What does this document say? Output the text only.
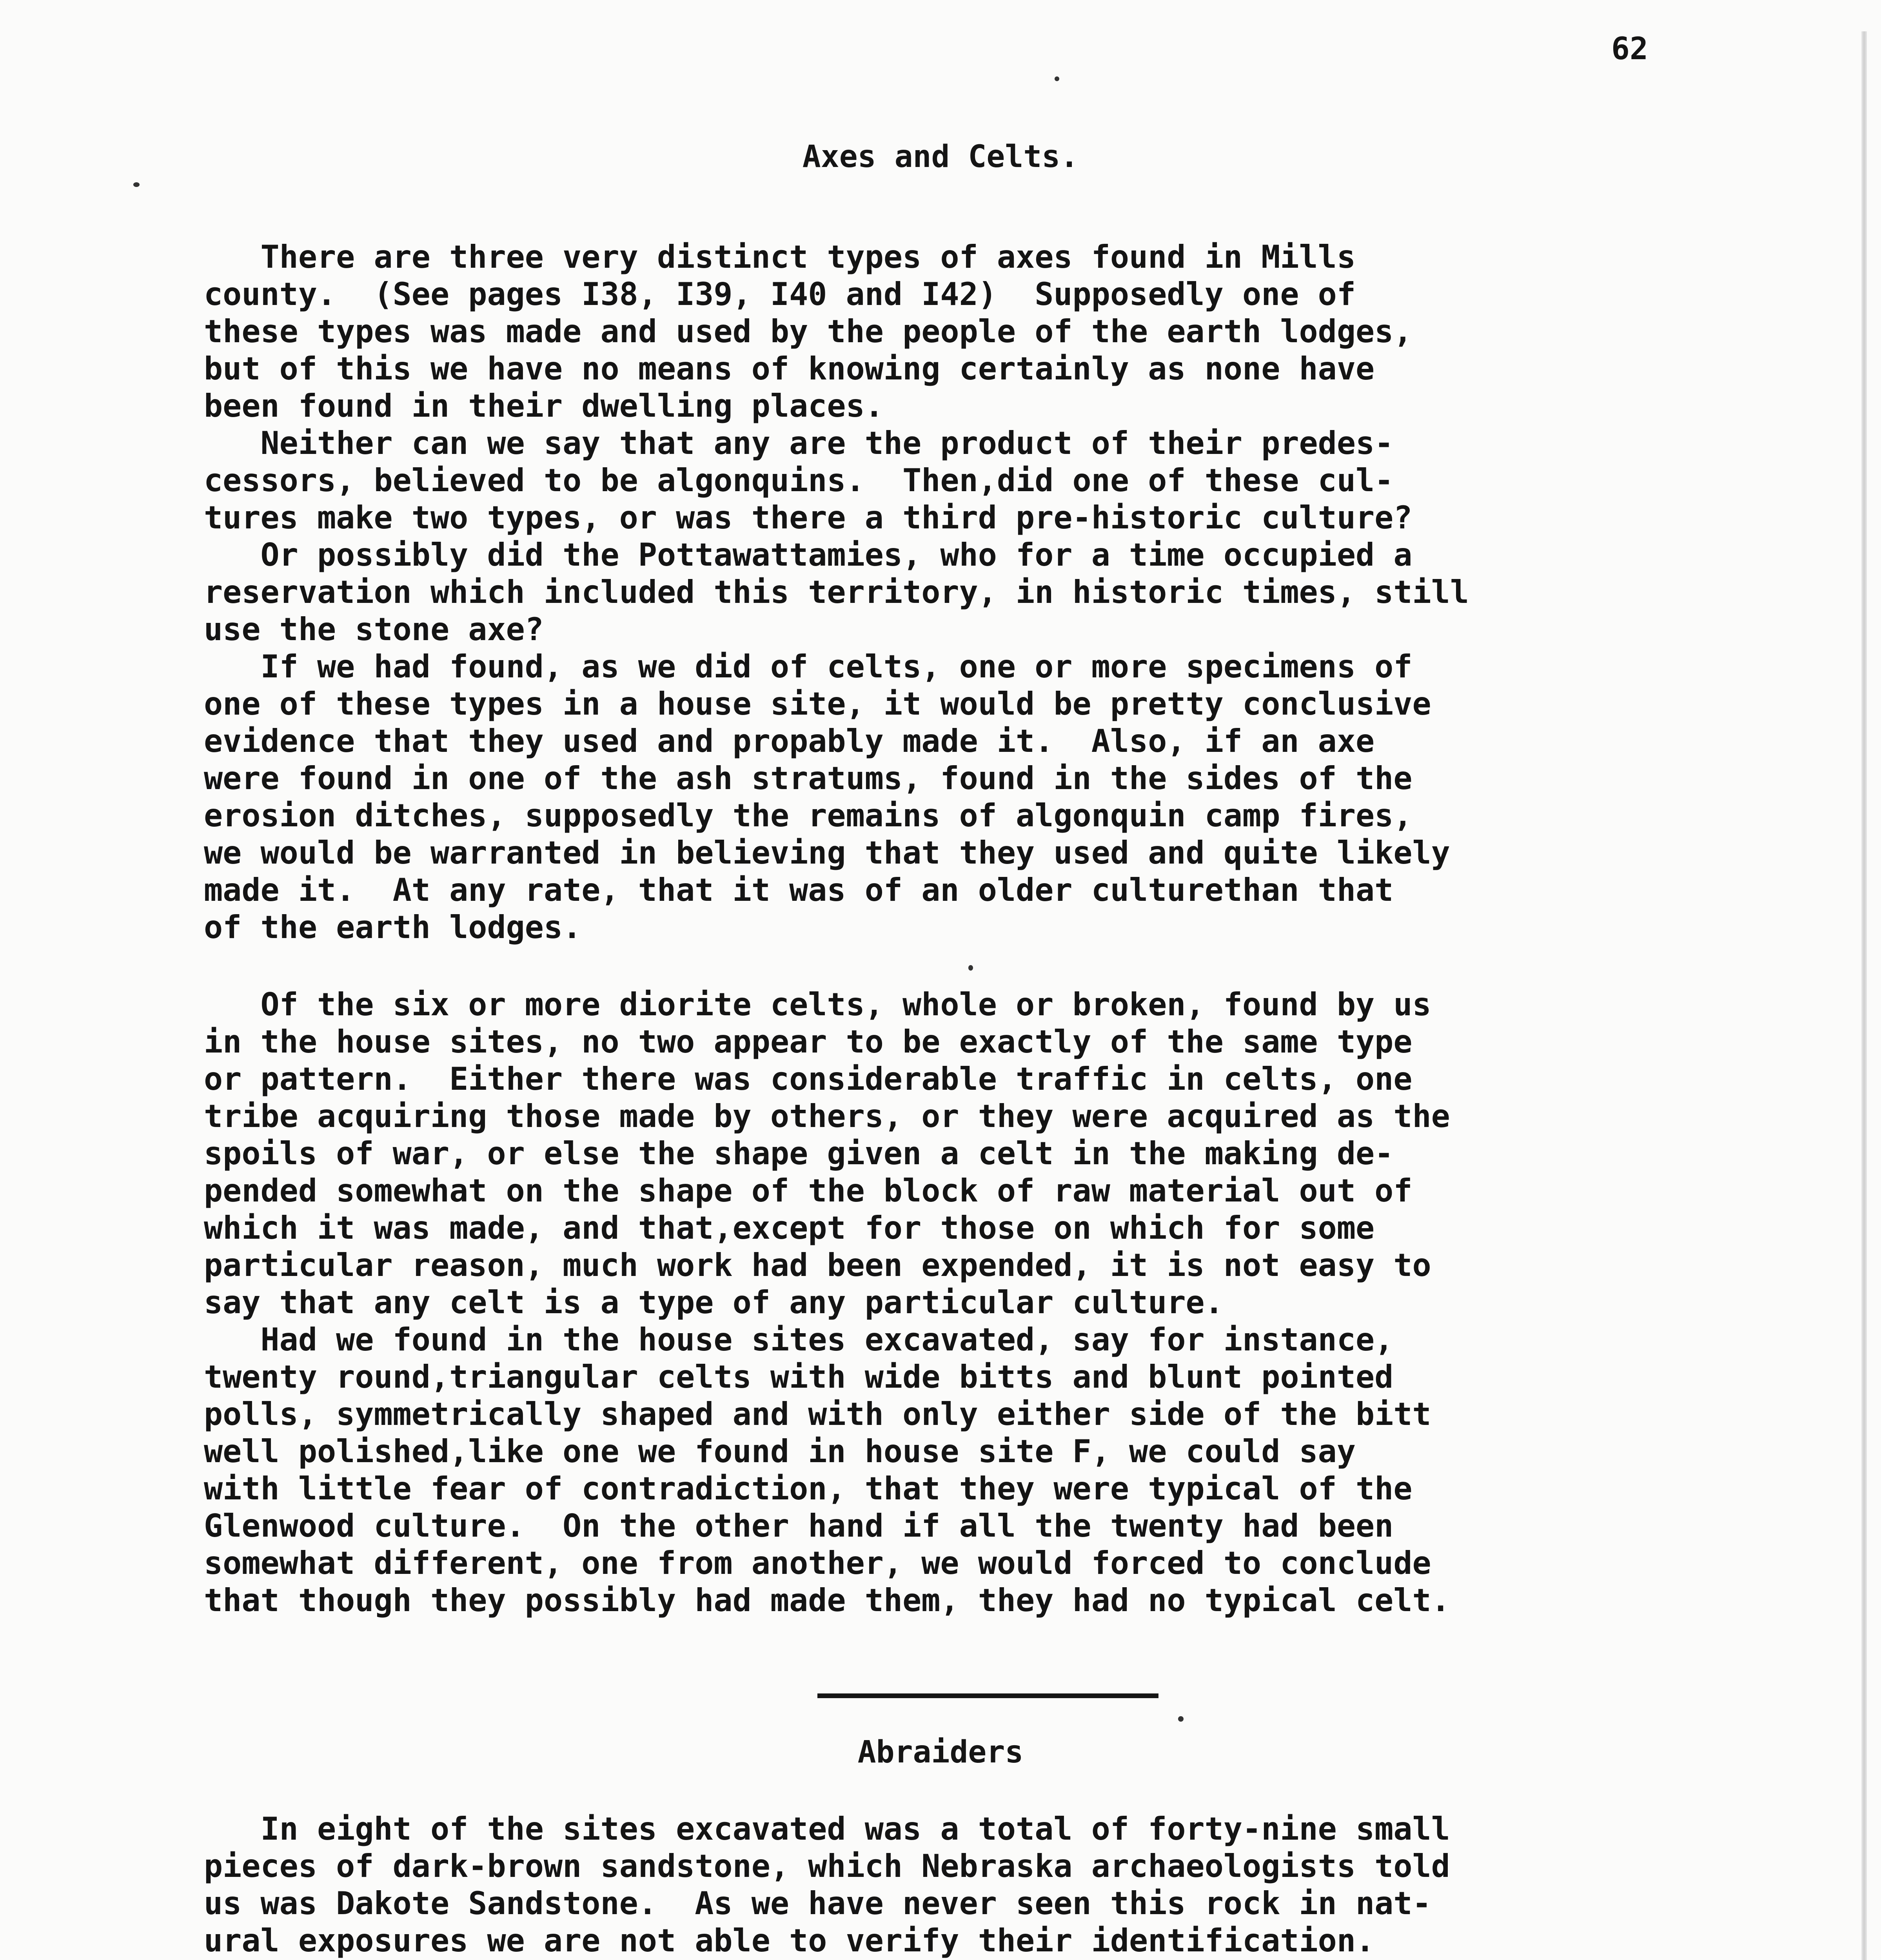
62

Axes and Celts.

There are three very distinct types of axes found in Mills
county.  (See pages I38, I39, I40 and I42)  Supposedly one of
these types was made and used by the people of the earth lodges,
but of this we have no means of knowing certainly as none have
been found in their dwelling places.
Neither can we say that any are the product of their predes-
cessors, believed to be algonquins.  Then,did one of these cul-
tures make two types, or was there a third pre-historic culture?
Or possibly did the Pottawattamies, who for a time occupied a
reservation which included this territory, in historic times, still
use the stone axe?
If we had found, as we did of celts, one or more specimens of
one of these types in a house site, it would be pretty conclusive
evidence that they used and propably made it.  Also, if an axe
were found in one of the ash stratums, found in the sides of the
erosion ditches, supposedly the remains of algonquin camp fires,
we would be warranted in believing that they used and quite likely
made it.  At any rate, that it was of an older culturethan that
of the earth lodges.

Of the six or more diorite celts, whole or broken, found by us
in the house sites, no two appear to be exactly of the same type
or pattern.  Either there was considerable traffic in celts, one
tribe acquiring those made by others, or they were acquired as the
spoils of war, or else the shape given a celt in the making de-
pended somewhat on the shape of the block of raw material out of
which it was made, and that,except for those on which for some
particular reason, much work had been expended, it is not easy to
say that any celt is a type of any particular culture.
Had we found in the house sites excavated, say for instance,
twenty round,triangular celts with wide bitts and blunt pointed
polls, symmetrically shaped and with only either side of the bitt
well polished,like one we found in house site F, we could say
with little fear of contradiction, that they were typical of the
Glenwood culture.  On the other hand if all the twenty had been
somewhat different, one from another, we would forced to conclude
that though they possibly had made them, they had no typical celt.

Abraiders

In eight of the sites excavated was a total of forty-nine small
pieces of dark-brown sandstone, which Nebraska archaeologists told
us was Dakote Sandstone.  As we have never seen this rock in nat-
ural exposures we are not able to verify their identification.
